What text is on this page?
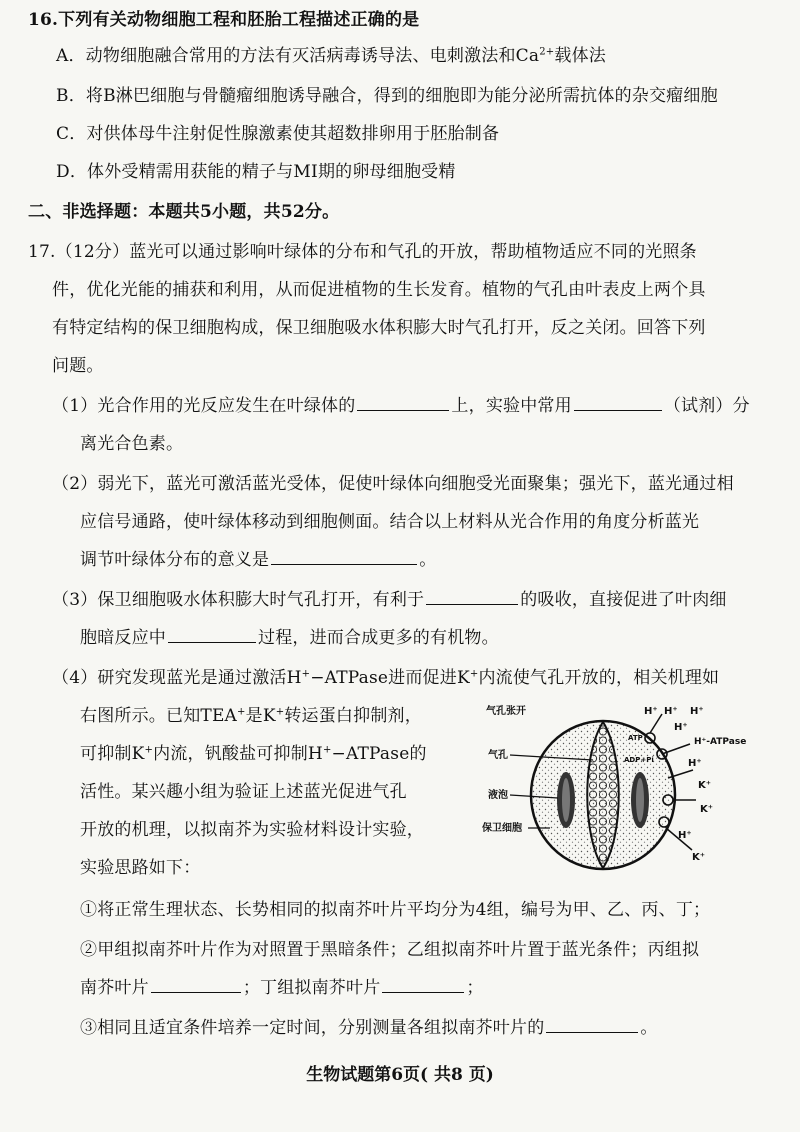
16.下列有关动物细胞工程和胚胎工程描述正确的是
A．动物细胞融合常用的方法有灭活病毒诱导法、电刺激法和$Ca^{2+}$载体法
B．将B淋巴细胞与骨髓瘤细胞诱导融合，得到的细胞即为能分泌所需抗体的杂交瘤细胞
C．对供体母牛注射促性腺激素使其超数排卵用于胚胎制备
D．体外受精需用获能的精子与MⅠ期的卵母细胞受精
二、非选择题：本题共5小题，共52分。
17.（12分）蓝光可以通过影响叶绿体的分布和气孔的开放，帮助植物适应不同的光照条
件，优化光能的捕获和利用，从而促进植物的生长发育。植物的气孔由叶表皮上两个具
有特定结构的保卫细胞构成，保卫细胞吸水体积膨大时气孔打开，反之关闭。回答下列
问题。
（1）光合作用的光反应发生在叶绿体的	上，实验中常用	（试剂）分
离光合色素。
（2）弱光下，蓝光可激活蓝光受体，促使叶绿体向细胞受光面聚集；强光下，蓝光通过相
应信号通路，使叶绿体移动到细胞侧面。结合以上材料从光合作用的角度分析蓝光
调节叶绿体分布的意义是	。
（3）保卫细胞吸水体积膨大时气孔打开，有利于	的吸收，直接促进了叶肉细
胞暗反应中	过程，进而合成更多的有机物。
（4）研究发现蓝光是通过激活H+−ATPase进而促进K+内流使气孔开放的，相关机理如
右图所示。已知TEA+是K+转运蛋白抑制剂，
可抑制K+内流，钒酸盐可抑制H+−ATPase的
活性。某兴趣小组为验证上述蓝光促进气孔
开放的机理，以拟南芥为实验材料设计实验，
实验思路如下：
气孔张开
气孔
液泡
保卫细胞
H⁺ H⁺ H⁺
H⁺
H⁺-ATPase
ATP
ADP+Pi	H⁺
K⁺
K⁺
H⁺
K⁺
①将正常生理状态、长势相同的拟南芥叶片平均分为4组，编号为甲、乙、丙、丁；
②甲组拟南芥叶片作为对照置于黑暗条件；乙组拟南芥叶片置于蓝光条件；丙组拟
南芥叶片	；丁组拟南芥叶片	；
③相同且适宜条件培养一定时间，分别测量各组拟南芥叶片的	。
生物试题第6页( 共8 页)
